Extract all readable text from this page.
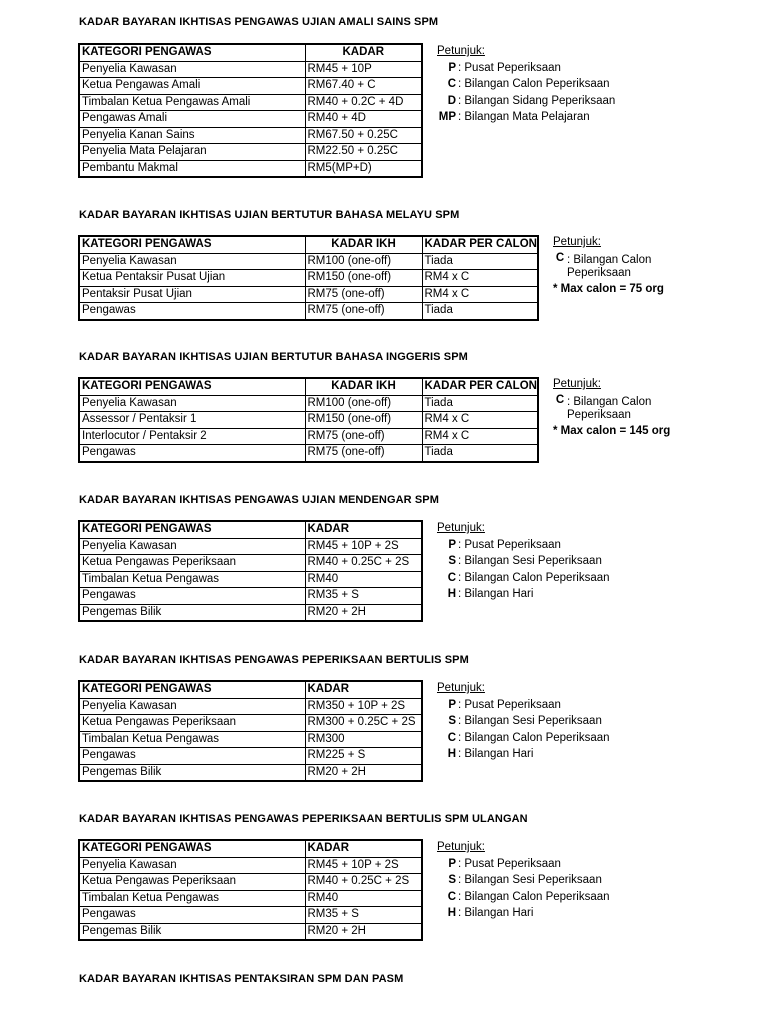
KADAR BAYARAN IKHTISAS PENGAWAS UJIAN AMALI SAINS SPM
KATEGORI PENGAWAS	KADAR
Penyelia Kawasan	RM45 + 10P
Ketua Pengawas Amali	RM67.40 + C
Timbalan Ketua Pengawas Amali	RM40 + 0.2C + 4D
Pengawas Amali	RM40 + 4D
Penyelia Kanan Sains	RM67.50 + 0.25C
Penyelia Mata Pelajaran	RM22.50 + 0.25C
Pembantu Makmal	RM5(MP+D)
Petunjuk:
P : Pusat Peperiksaan
C : Bilangan Calon Peperiksaan
D : Bilangan Sidang Peperiksaan
MP : Bilangan Mata Pelajaran
KADAR BAYARAN IKHTISAS UJIAN BERTUTUR BAHASA MELAYU SPM
KATEGORI PENGAWAS	KADAR IKH	KADAR PER CALON
Penyelia Kawasan	RM100 (one-off)	Tiada
Ketua Pentaksir Pusat Ujian	RM150 (one-off)	RM4 x C
Pentaksir Pusat Ujian	RM75 (one-off)	RM4 x C
Pengawas	RM75 (one-off)	Tiada
Petunjuk:
C : Bilangan Calon Peperiksaan
* Max calon = 75 org
KADAR BAYARAN IKHTISAS UJIAN BERTUTUR BAHASA INGGERIS SPM
KATEGORI PENGAWAS	KADAR IKH	KADAR PER CALON
Penyelia Kawasan	RM100 (one-off)	Tiada
Assessor / Pentaksir 1	RM150 (one-off)	RM4 x C
Interlocutor / Pentaksir 2	RM75 (one-off)	RM4 x C
Pengawas	RM75 (one-off)	Tiada
Petunjuk:
C : Bilangan Calon Peperiksaan
* Max calon = 145 org
KADAR BAYARAN IKHTISAS PENGAWAS UJIAN MENDENGAR SPM
KATEGORI PENGAWAS	KADAR
Penyelia Kawasan	RM45 + 10P + 2S
Ketua Pengawas Peperiksaan	RM40 + 0.25C + 2S
Timbalan Ketua Pengawas	RM40
Pengawas	RM35 + S
Pengemas Bilik	RM20 + 2H
Petunjuk:
P : Pusat Peperiksaan
S : Bilangan Sesi Peperiksaan
C : Bilangan Calon Peperiksaan
H : Bilangan Hari
KADAR BAYARAN IKHTISAS PENGAWAS PEPERIKSAAN BERTULIS SPM
KATEGORI PENGAWAS	KADAR
Penyelia Kawasan	RM350 + 10P + 2S
Ketua Pengawas Peperiksaan	RM300 + 0.25C + 2S
Timbalan Ketua Pengawas	RM300
Pengawas	RM225 + S
Pengemas Bilik	RM20 + 2H
Petunjuk:
P : Pusat Peperiksaan
S : Bilangan Sesi Peperiksaan
C : Bilangan Calon Peperiksaan
H : Bilangan Hari
KADAR BAYARAN IKHTISAS PENGAWAS PEPERIKSAAN BERTULIS SPM ULANGAN
KATEGORI PENGAWAS	KADAR
Penyelia Kawasan	RM45 + 10P + 2S
Ketua Pengawas Peperiksaan	RM40 + 0.25C + 2S
Timbalan Ketua Pengawas	RM40
Pengawas	RM35 + S
Pengemas Bilik	RM20 + 2H
Petunjuk:
P : Pusat Peperiksaan
S : Bilangan Sesi Peperiksaan
C : Bilangan Calon Peperiksaan
H : Bilangan Hari
KADAR BAYARAN IKHTISAS PENTAKSIRAN SPM DAN PASM
